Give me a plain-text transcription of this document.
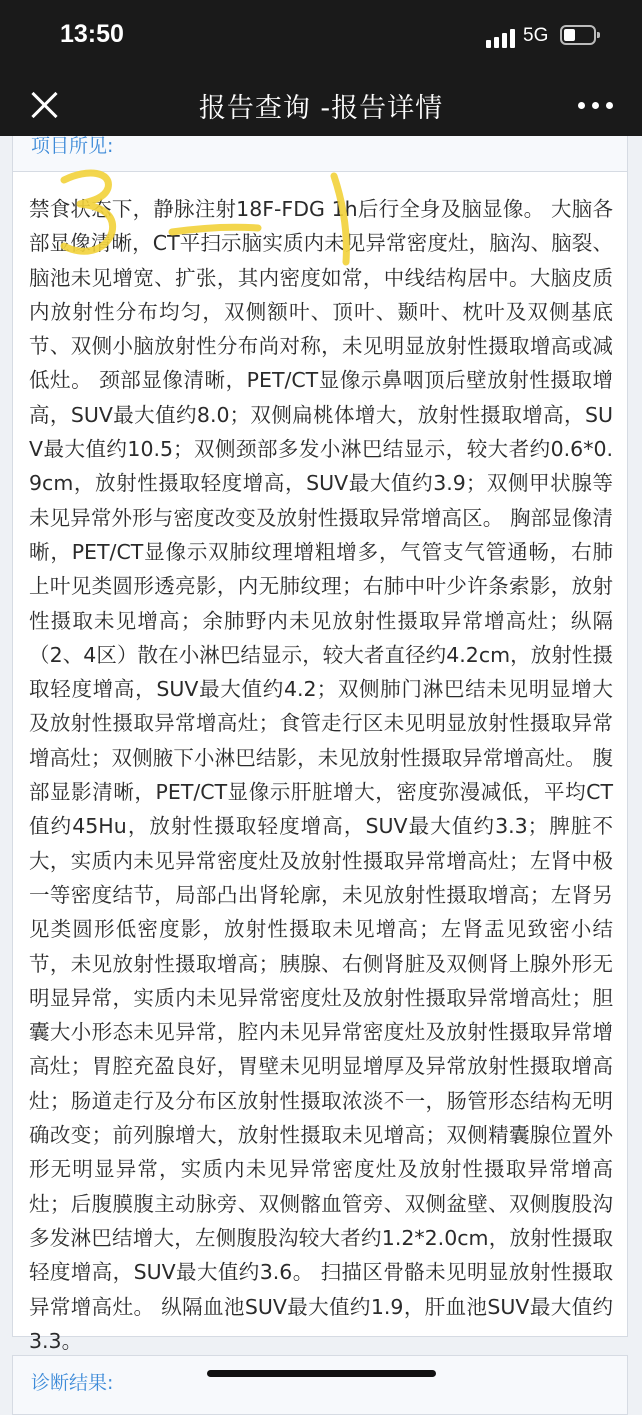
13:50	5G
报告查询 -报告详情
项目所见:
禁食状态下，静脉注射18F-FDG 1h后行全身及脑显像。 大脑各部显像清晰，CT平扫示脑实质内未见异常密度灶，脑沟、脑裂、脑池未见增宽、扩张，其内密度如常，中线结构居中。大脑皮质内放射性分布均匀，双侧额叶、顶叶、颞叶、枕叶及双侧基底节、双侧小脑放射性分布尚对称，未见明显放射性摄取增高或减低灶。 颈部显像清晰，PET/CT显像示鼻咽顶后壁放射性摄取增高，SUV最大值约8.0；双侧扁桃体增大，放射性摄取增高，SUV最大值约10.5；双侧颈部多发小淋巴结显示，较大者约0.6*0.9cm，放射性摄取轻度增高，SUV最大值约3.9；双侧甲状腺等未见异常外形与密度改变及放射性摄取异常增高区。 胸部显像清晰，PET/CT显像示双肺纹理增粗增多，气管支气管通畅，右肺上叶见类圆形透亮影，内无肺纹理；右肺中叶少许条索影，放射性摄取未见增高；余肺野内未见放射性摄取异常增高灶；纵隔（2、4区）散在小淋巴结显示，较大者直径约4.2cm，放射性摄取轻度增高，SUV最大值约4.2；双侧肺门淋巴结未见明显增大及放射性摄取异常增高灶；食管走行区未见明显放射性摄取异常增高灶；双侧腋下小淋巴结影，未见放射性摄取异常增高灶。 腹部显影清晰，PET/CT显像示肝脏增大，密度弥漫减低，平均CT值约45Hu，放射性摄取轻度增高，SUV最大值约3.3；脾脏不大，实质内未见异常密度灶及放射性摄取异常增高灶；左肾中极一等密度结节，局部凸出肾轮廓，未见放射性摄取增高；左肾另见类圆形低密度影，放射性摄取未见增高；左肾盂见致密小结节，未见放射性摄取增高；胰腺、右侧肾脏及双侧肾上腺外形无明显异常，实质内未见异常密度灶及放射性摄取异常增高灶；胆囊大小形态未见异常，腔内未见异常密度灶及放射性摄取异常增高灶；胃腔充盈良好，胃壁未见明显增厚及异常放射性摄取增高灶；肠道走行及分布区放射性摄取浓淡不一，肠管形态结构无明确改变；前列腺增大，放射性摄取未见增高；双侧精囊腺位置外形无明显异常，实质内未见异常密度灶及放射性摄取异常增高灶；后腹膜腹主动脉旁、双侧髂血管旁、双侧盆壁、双侧腹股沟多发淋巴结增大，左侧腹股沟较大者约1.2*2.0cm，放射性摄取轻度增高，SUV最大值约3.6。 扫描区骨骼未见明显放射性摄取异常增高灶。 纵隔血池SUV最大值约1.9，肝血池SUV最大值约3.3。
诊断结果:
